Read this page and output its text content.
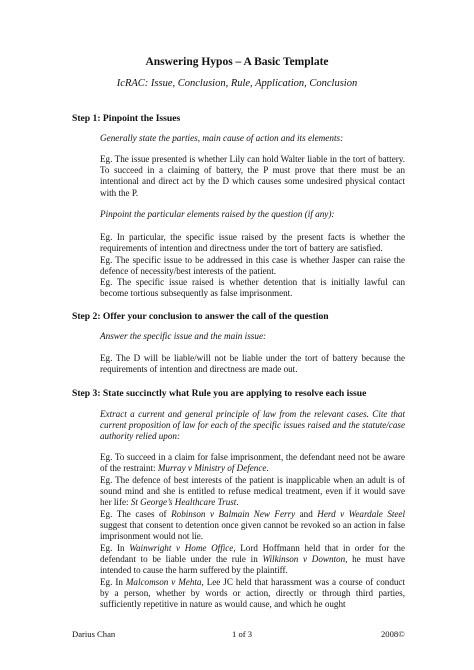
Answering Hypos – A Basic Template
IcRAC: Issue, Conclusion, Rule, Application, Conclusion
Step 1: Pinpoint the Issues
Generally state the parties, main cause of action and its elements:
Eg. The issue presented is whether Lily can hold Walter liable in the tort of battery. To succeed in a claiming of battery, the P must prove that there must be an intentional and direct act by the D which causes some undesired physical contact with the P.
Pinpoint the particular elements raised by the question (if any):
Eg. In particular, the specific issue raised by the present facts is whether the requirements of intention and directness under the tort of battery are satisfied.
Eg. The specific issue to be addressed in this case is whether Jasper can raise the defence of necessity/best interests of the patient.
Eg. The specific issue raised is whether detention that is initially lawful can become tortious subsequently as false imprisonment.
Step 2: Offer your conclusion to answer the call of the question
Answer the specific issue and the main issue:
Eg. The D will be liable/will not be liable under the tort of battery because the requirements of intention and directness are made out.
Step 3: State succinctly what Rule you are applying to resolve each issue
Extract a current and general principle of law from the relevant cases. Cite that current proposition of law for each of the specific issues raised and the statute/case authority relied upon:
Eg. To succeed in a claim for false imprisonment, the defendant need not be aware of the restraint: Murray v Ministry of Defence.
Eg. The defence of best interests of the patient is inapplicable when an adult is of sound mind and she is entitled to refuse medical treatment, even if it would save her life: St George’s Healthcare Trust.
Eg. The cases of Robinson v Balmain New Ferry and Herd v Weardale Steel suggest that consent to detention once given cannot be revoked so an action in false imprisonment would not lie.
Eg. In Wainwright v Home Office, Lord Hoffmann held that in order for the defendant to be liable under the rule in Wilkinson v Downton, he must have intended to cause the harm suffered by the plaintiff.
Eg. In Malcomson v Mehta, Lee JC held that harassment was a course of conduct by a person, whether by words or action, directly or through third parties, sufficiently repetitive in nature as would cause, and which he ought
Darius Chan	1 of 3	2008©
